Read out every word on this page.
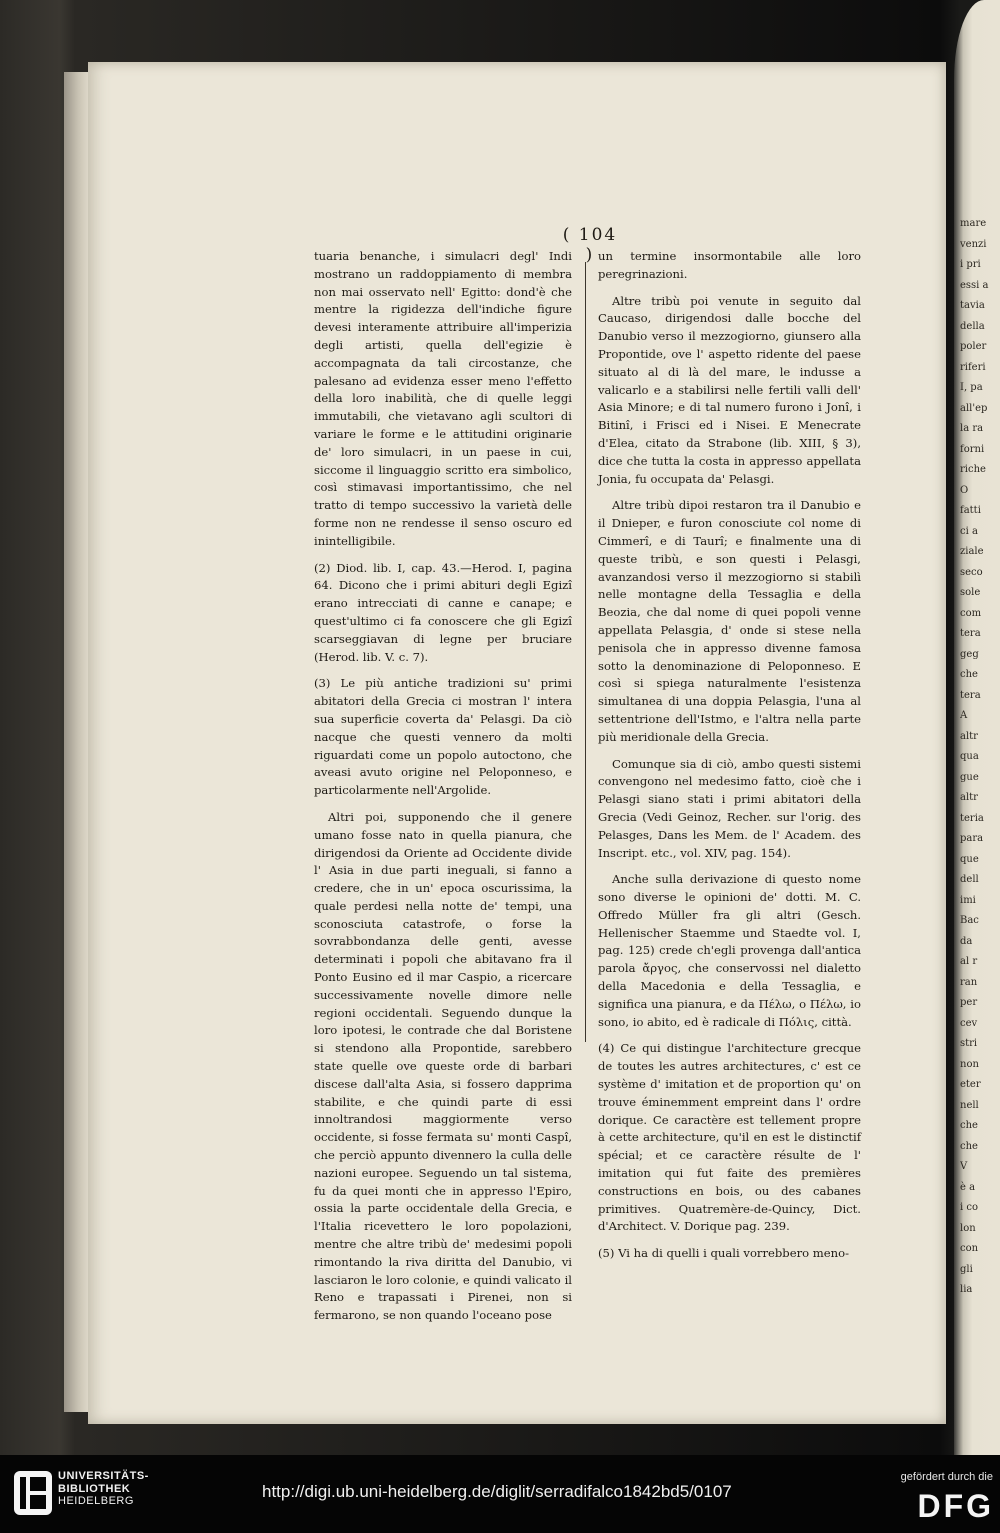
mare
venzi
i pri
essi a
tavia
della
poler
riferi
I, pa
all'ep
la ra
forni
riche
O
fatti
ci a
ziale
seco
sole
com
tera
geg
che
tera
A
altr
qua
gue
altr
teria
para
que
dell
imi
Bac
da
al r
ran
per
cev
stri
non
eter
nell
che
che
V
è a
i co
lon
con
gli
lia
( 104 )

tuaria benanche, i simulacri degl' Indi mostrano un raddoppiamento di membra non mai osservato nell' Egitto: dond'è che mentre la rigidezza dell'indiche figure devesi interamente attribuire all'imperizia degli artisti, quella dell'egizie è accompagnata da tali circostanze, che palesano ad evidenza esser meno l'effetto della loro inabilità, che di quelle leggi immutabili, che vietavano agli scultori di variare le forme e le attitudini originarie de' loro simulacri, in un paese in cui, siccome il linguaggio scritto era simbolico, così stimavasi importantissimo, che nel tratto di tempo successivo la varietà delle forme non ne rendesse il senso oscuro ed inintelligibile.

(2) Diod. lib. I, cap. 43.—Herod. I, pagina 64. Dicono che i primi abituri degli Egizî erano intrecciati di canne e canape; e quest'ultimo ci fa conoscere che gli Egizî scarseggiavan di legne per bruciare (Herod. lib. V. c. 7).

(3) Le più antiche tradizioni su' primi abitatori della Grecia ci mostran l' intera sua superficie coverta da' Pelasgi. Da ciò nacque che questi vennero da molti riguardati come un popolo autoctono, che aveasi avuto origine nel Peloponneso, e particolarmente nell'Argolide.

Altri poi, supponendo che il genere umano fosse nato in quella pianura, che dirigendosi da Oriente ad Occidente divide l' Asia in due parti ineguali, si fanno a credere, che in un' epoca oscurissima, la quale perdesi nella notte de' tempi, una sconosciuta catastrofe, o forse la sovrabbondanza delle genti, avesse determinati i popoli che abitavano fra il Ponto Eusino ed il mar Caspio, a ricercare successivamente novelle dimore nelle regioni occidentali. Seguendo dunque la loro ipotesi, le contrade che dal Boristene si stendono alla Propontide, sarebbero state quelle ove queste orde di barbari discese dall'alta Asia, si fossero dapprima stabilite, e che quindi parte di essi innoltrandosi maggiormente verso occidente, si fosse fermata su' monti Caspî, che perciò appunto divennero la culla delle nazioni europee. Seguendo un tal sistema, fu da quei monti che in appresso l'Epiro, ossia la parte occidentale della Grecia, e l'Italia ricevettero le loro popolazioni, mentre che altre tribù de' medesimi popoli rimontando la riva diritta del Danubio, vi lasciaron le loro colonie, e quindi valicato il Reno e trapassati i Pirenei, non si fermarono, se non quando l'oceano pose

un termine insormontabile alle loro peregrinazioni.

Altre tribù poi venute in seguito dal Caucaso, dirigendosi dalle bocche del Danubio verso il mezzogiorno, giunsero alla Propontide, ove l' aspetto ridente del paese situato al di là del mare, le indusse a valicarlo e a stabilirsi nelle fertili valli dell' Asia Minore; e di tal numero furono i Jonî, i Bitinî, i Frisci ed i Nisei. E Menecrate d'Elea, citato da Strabone (lib. XIII, § 3), dice che tutta la costa in appresso appellata Jonia, fu occupata da' Pelasgi.

Altre tribù dipoi restaron tra il Danubio e il Dnieper, e furon conosciute col nome di Cimmerî, e di Taurî; e finalmente una di queste tribù, e son questi i Pelasgi, avanzandosi verso il mezzogiorno si stabilì nelle montagne della Tessaglia e della Beozia, che dal nome di quei popoli venne appellata Pelasgia, d' onde si stese nella penisola che in appresso divenne famosa sotto la denominazione di Peloponneso. E così si spiega naturalmente l'esistenza simultanea di una doppia Pelasgia, l'una al settentrione dell'Istmo, e l'altra nella parte più meridionale della Grecia.

Comunque sia di ciò, ambo questi sistemi convengono nel medesimo fatto, cioè che i Pelasgi siano stati i primi abitatori della Grecia (Vedi Geinoz, Recher. sur l'orig. des Pelasges, Dans les Mem. de l' Academ. des Inscript. etc., vol. XIV, pag. 154).

Anche sulla derivazione di questo nome sono diverse le opinioni de' dotti. M. C. Offredo Müller fra gli altri (Gesch. Hellenischer Staemme und Staedte vol. I, pag. 125) crede ch'egli provenga dall'antica parola ἄργος, che conservossi nel dialetto della Macedonia e della Tessaglia, e significa una pianura, e da Πέλω, o Πέλω, io sono, io abito, ed è radicale di Πόλις, città.

(4) Ce qui distingue l'architecture grecque de toutes les autres architectures, c' est ce système d' imitation et de proportion qu' on trouve éminemment empreint dans l' ordre dorique. Ce caractère est tellement propre à cette architecture, qu'il en est le distinctif spécial; et ce caractère résulte de l' imitation qui fut faite des premières constructions en bois, ou des cabanes primitives. Quatremère-de-Quincy, Dict. d'Architect. V. Dorique pag. 239.

(5) Vi ha di quelli i quali vorrebbero meno-

UNIVERSITÄTS-
BIBLIOTHEK
HEIDELBERG	http://digi.ub.uni-heidelberg.de/diglit/serradifalco1842bd5/0107
gefördert durch die
DFG
